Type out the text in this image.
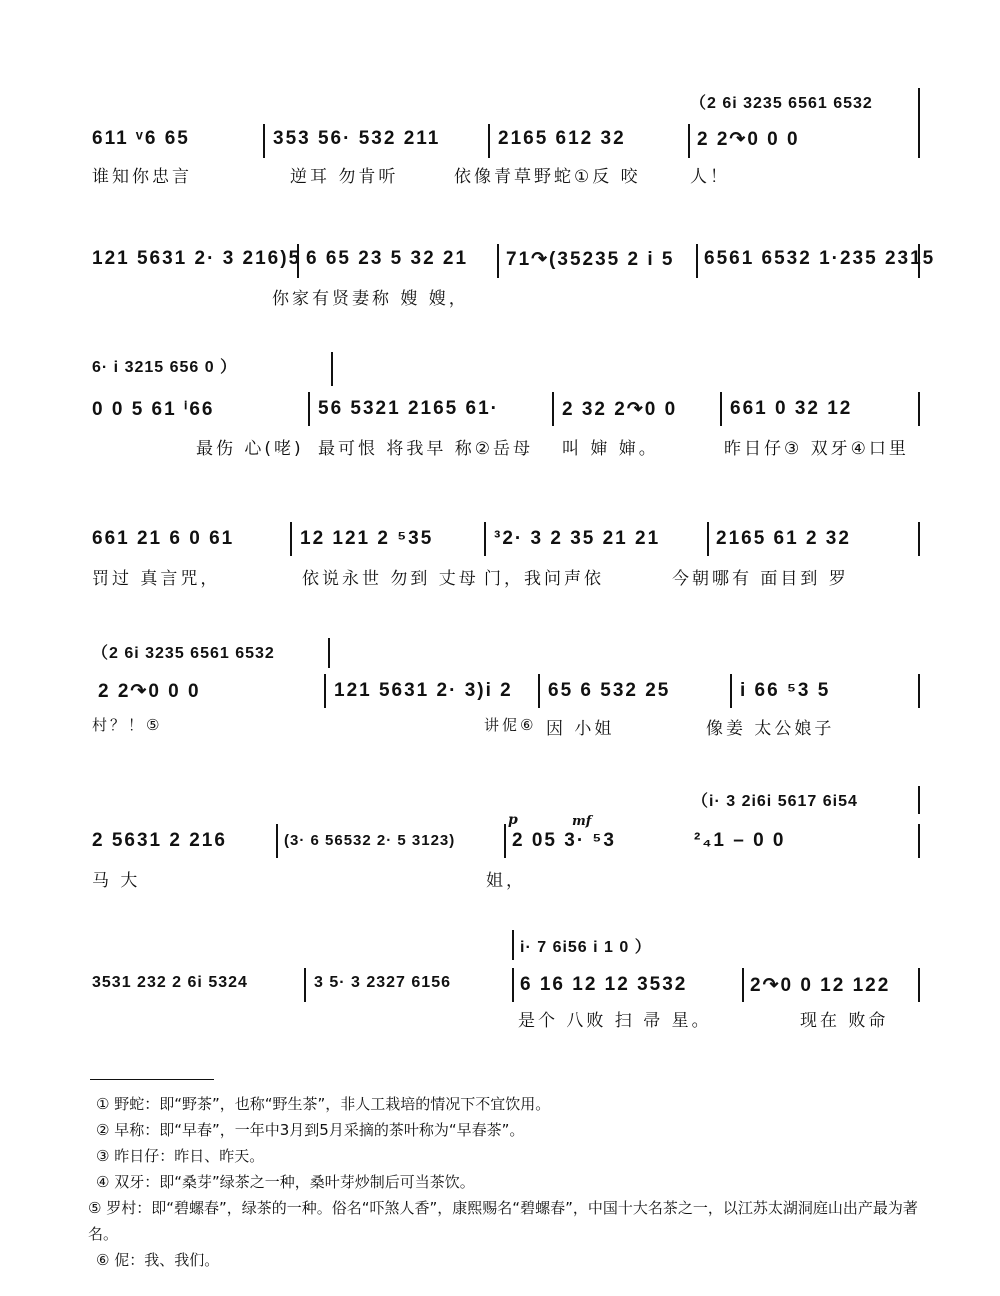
（2 6i 3235 6561 6532
611 ᵛ6 65	353 56· 532 211	2165 612 32	2 2↷0 0 0
谁知你忠言	逆耳 勿肯听	依像青草野蛇①反 咬	人！
121 5631 2· 3 216)5 6 65 23 5 32 21 71↷(35235 2 i 5 6561 6532 1·235 2315
你家有贤妻称 嫂 嫂，
6· i 3215 656 0 ）
0 0 5 61 ⁱ66	56 5321 2165 61·	2 32 2↷0 0	661 0 32 12
最伤 心(咾) 最可恨 将我早 称②岳母 叫 婶 婶。	昨日仔③ 双牙④口里
661 21 6 0 61	12 121 2 ⁵35	³2· 3 2 35 21 21	2165 61 2 32
罚过 真言咒，	依说永世 勿到 丈母 门，我问声依	今朝哪有 面目到 罗
（2 6i 3235 6561 6532
2 2↷0 0 0	121 5631 2· 3)i 2 65 6 532 25	i 66 ⁵3 5
村？！⑤	讲伲⑥ 因 小姐	像姜 太公娘子
（i· 3 2i6i 5617 6i54
2 5631 2 216	(3· 6 56532 2· 5 3123)	2 05 3· ⁵3	²₄1 – 0 0
p	mf
马 大	姐，
i· 7 6i56 i 1 0 ）
3531 232 2 6i 5324	3 5· 3 2327 6156	6 16 12 12 3532	2↷0 0 12 122
是个 八败 扫 帚 星。	现在 败命
① 野蛇：即“野茶”，也称“野生茶”，非人工栽培的情况下不宜饮用。
② 早称：即“早春”，一年中3月到5月采摘的茶叶称为“早春茶”。
③ 昨日仔：昨日、昨天。
④ 双牙：即“桑芽”绿茶之一种，桑叶芽炒制后可当茶饮。
⑤ 罗村：即“碧螺春”，绿茶的一种。俗名“吓煞人香”，康熙赐名“碧螺春”，中国十大名茶之一，以江苏太湖洞庭山出产最为著名。
⑥ 伲：我、我们。
